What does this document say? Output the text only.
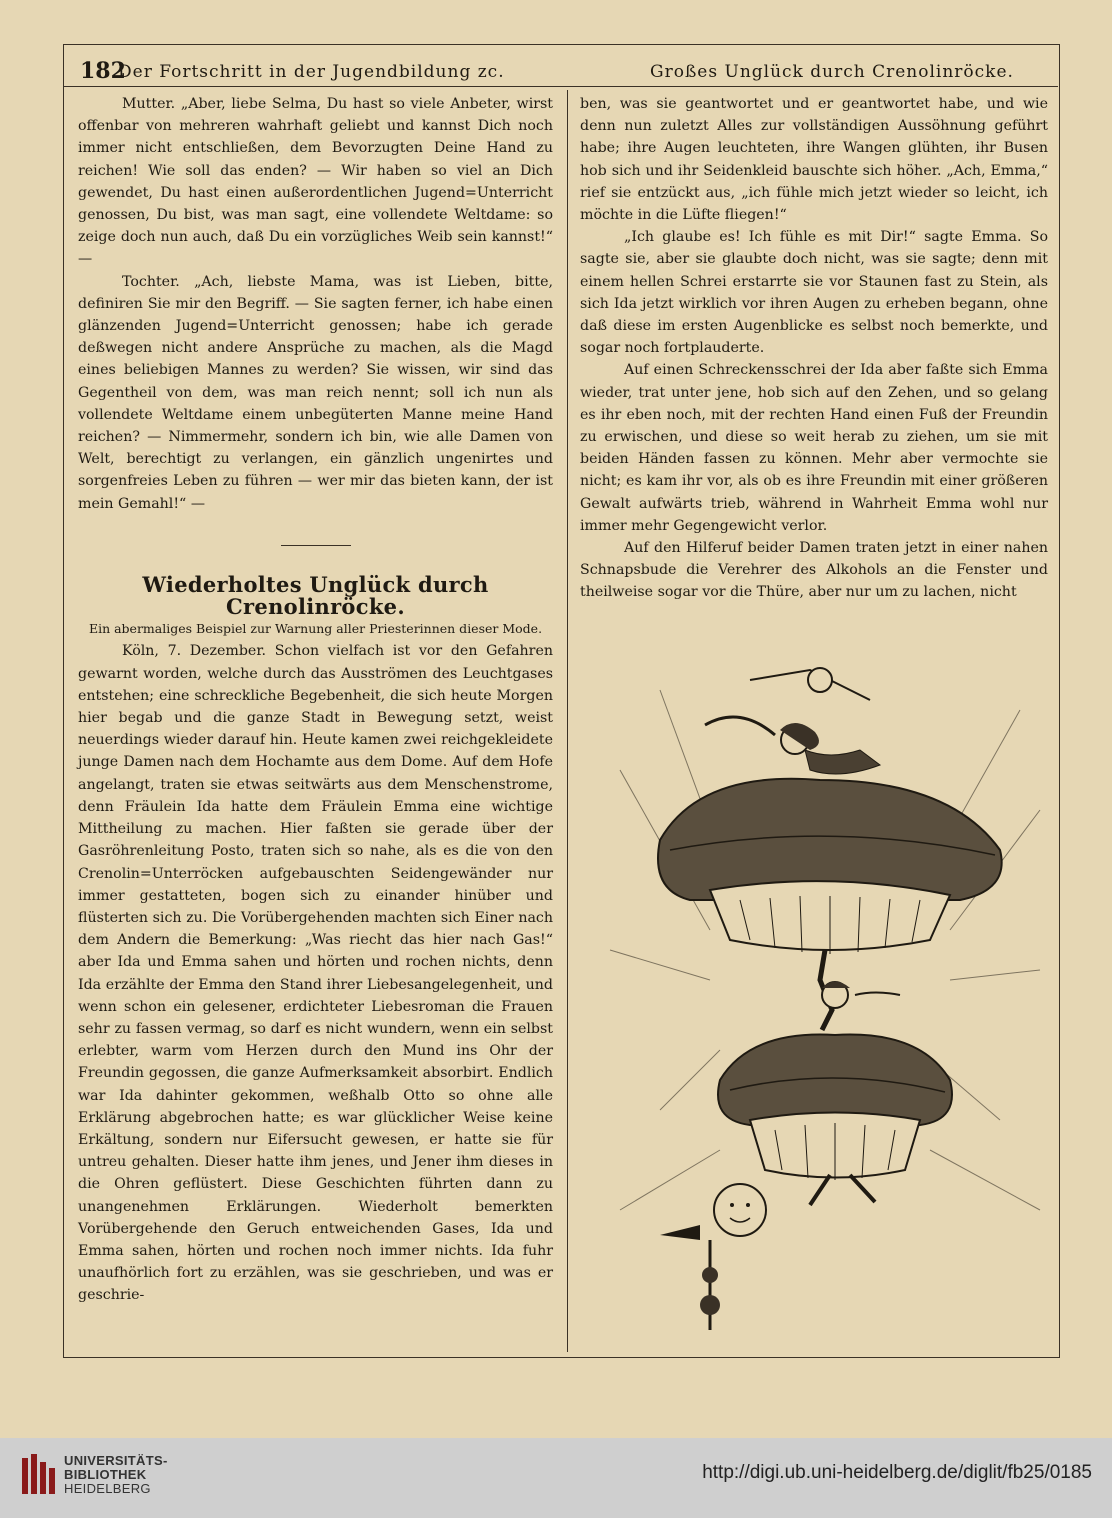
182
Der Fortschritt in der Jugendbildung zc.	Großes Unglück durch Crenolinröcke.

Mutter. „Aber, liebe Selma, Du hast so viele Anbeter, wirst offenbar von mehreren wahrhaft geliebt und kannst Dich noch immer nicht entschließen, dem Bevorzugten Deine Hand zu reichen! Wie soll das enden? — Wir haben so viel an Dich gewendet, Du hast einen außerordentlichen Jugend=Unterricht genossen, Du bist, was man sagt, eine vollendete Weltdame: so zeige doch nun auch, daß Du ein vorzügliches Weib sein kannst!“ —

Tochter. „Ach, liebste Mama, was ist Lieben, bitte, definiren Sie mir den Begriff. — Sie sagten ferner, ich habe einen glänzenden Jugend=Unterricht genossen; habe ich gerade deßwegen nicht andere Ansprüche zu machen, als die Magd eines beliebigen Mannes zu werden? Sie wissen, wir sind das Gegentheil von dem, was man reich nennt; soll ich nun als vollendete Weltdame einem unbegüterten Manne meine Hand reichen? — Nimmermehr, sondern ich bin, wie alle Damen von Welt, berechtigt zu verlangen, ein gänzlich ungenirtes und sorgenfreies Leben zu führen — wer mir das bieten kann, der ist mein Gemahl!“ —

Wiederholtes Unglück durch Crenolinröcke.

Ein abermaliges Beispiel zur Warnung aller Priesterinnen dieser Mode.

Köln, 7. Dezember. Schon vielfach ist vor den Gefahren gewarnt worden, welche durch das Ausströmen des Leuchtgases entstehen; eine schreckliche Begebenheit, die sich heute Morgen hier begab und die ganze Stadt in Bewegung setzt, weist neuerdings wieder darauf hin. Heute kamen zwei reichgekleidete junge Damen nach dem Hochamte aus dem Dome. Auf dem Hofe angelangt, traten sie etwas seitwärts aus dem Menschenstrome, denn Fräulein Ida hatte dem Fräulein Emma eine wichtige Mittheilung zu machen. Hier faßten sie gerade über der Gasröhrenleitung Posto, traten sich so nahe, als es die von den Crenolin=Unterröcken aufgebauschten Seidengewänder nur immer gestatteten, bogen sich zu einander hinüber und flüsterten sich zu. Die Vorübergehenden machten sich Einer nach dem Andern die Bemerkung: „Was riecht das hier nach Gas!“ aber Ida und Emma sahen und hörten und rochen nichts, denn Ida erzählte der Emma den Stand ihrer Liebesangelegenheit, und wenn schon ein gelesener, erdichteter Liebesroman die Frauen sehr zu fassen vermag, so darf es nicht wundern, wenn ein selbst erlebter, warm vom Herzen durch den Mund ins Ohr der Freundin gegossen, die ganze Aufmerksamkeit absorbirt. Endlich war Ida dahinter gekommen, weßhalb Otto so ohne alle Erklärung abgebrochen hatte; es war glücklicher Weise keine Erkältung, sondern nur Eifersucht gewesen, er hatte sie für untreu gehalten. Dieser hatte ihm jenes, und Jener ihm dieses in die Ohren geflüstert. Diese Geschichten führten dann zu unangenehmen Erklärungen. Wiederholt bemerkten Vorübergehende den Geruch entweichenden Gases, Ida und Emma sahen, hörten und rochen noch immer nichts. Ida fuhr unaufhörlich fort zu erzählen, was sie geschrieben, und was er geschrie-

ben, was sie geantwortet und er geantwortet habe, und wie denn nun zuletzt Alles zur vollständigen Aussöhnung geführt habe; ihre Augen leuchteten, ihre Wangen glühten, ihr Busen hob sich und ihr Seidenkleid bauschte sich höher. „Ach, Emma,“ rief sie entzückt aus, „ich fühle mich jetzt wieder so leicht, ich möchte in die Lüfte fliegen!“

„Ich glaube es! Ich fühle es mit Dir!“ sagte Emma. So sagte sie, aber sie glaubte doch nicht, was sie sagte; denn mit einem hellen Schrei erstarrte sie vor Staunen fast zu Stein, als sich Ida jetzt wirklich vor ihren Augen zu erheben begann, ohne daß diese im ersten Augenblicke es selbst noch bemerkte, und sogar noch fortplauderte.

Auf einen Schreckensschrei der Ida aber faßte sich Emma wieder, trat unter jene, hob sich auf den Zehen, und so gelang es ihr eben noch, mit der rechten Hand einen Fuß der Freundin zu erwischen, und diese so weit herab zu ziehen, um sie mit beiden Händen fassen zu können. Mehr aber vermochte sie nicht; es kam ihr vor, als ob es ihre Freundin mit einer größeren Gewalt aufwärts trieb, während in Wahrheit Emma wohl nur immer mehr Gegengewicht verlor.

Auf den Hilferuf beider Damen traten jetzt in einer nahen Schnapsbude die Verehrer des Alkohols an die Fenster und theilweise sogar vor die Thüre, aber nur um zu lachen, nicht

UNIVERSITÄTS-
BIBLIOTHEK
HEIDELBERG
http://digi.ub.uni-heidelberg.de/diglit/fb25/0185
